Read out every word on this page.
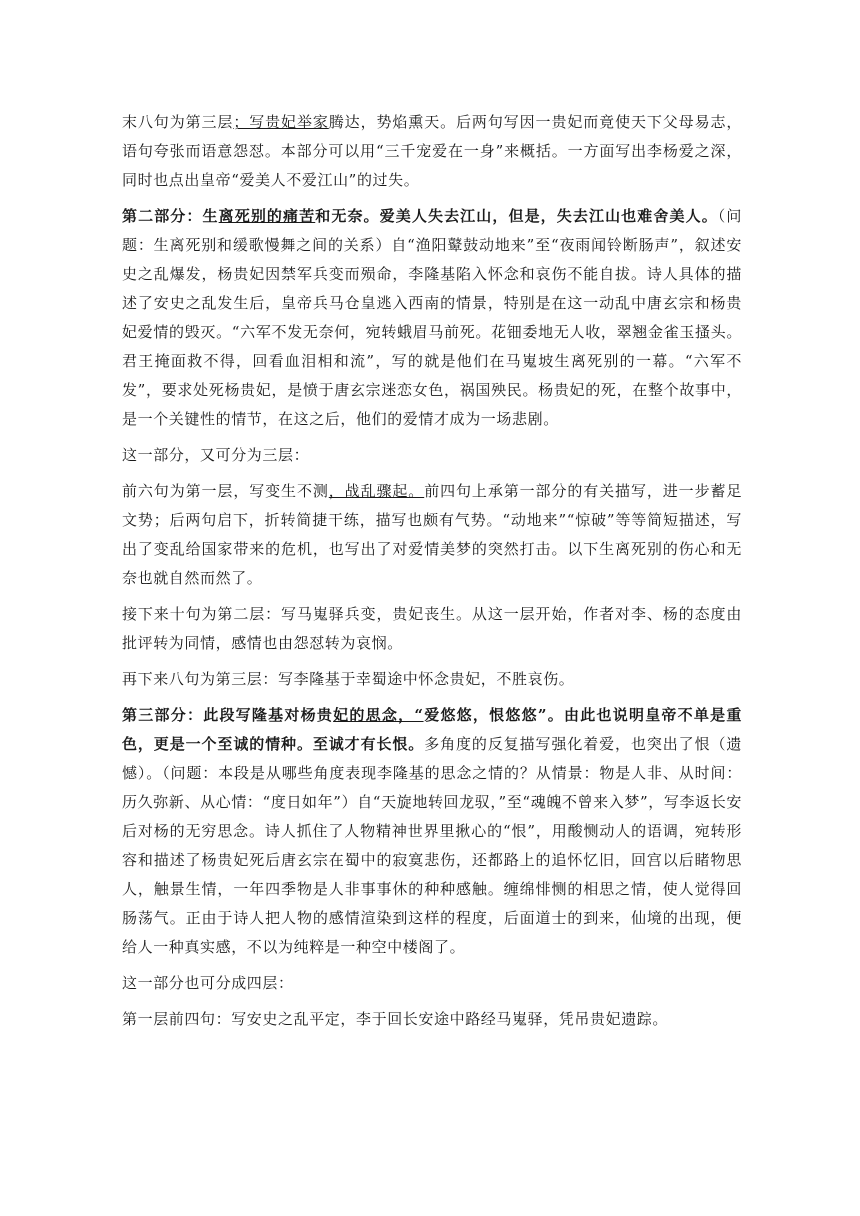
末八句为第三层；写贵妃举家腾达，势焰熏天。后两句写因一贵妃而竟使天下父母易志，语句夸张而语意怨怼。本部分可以用“三千宠爱在一身”来概括。一方面写出李杨爱之深，同时也点出皇帝“爱美人不爱江山”的过失。

第二部分：生离死别的痛苦和无奈。爱美人失去江山，但是，失去江山也难舍美人。（问题：生离死别和缓歌慢舞之间的关系）自“渔阳鼙鼓动地来”至“夜雨闻铃断肠声”，叙述安史之乱爆发，杨贵妃因禁军兵变而殒命，李隆基陷入怀念和哀伤不能自拔。诗人具体的描述了安史之乱发生后，皇帝兵马仓皇逃入西南的情景，特别是在这一动乱中唐玄宗和杨贵妃爱情的毁灭。“六军不发无奈何，宛转蛾眉马前死。花钿委地无人收，翠翘金雀玉搔头。君王掩面救不得，回看血泪相和流”，写的就是他们在马嵬坡生离死别的一幕。“六军不发”，要求处死杨贵妃，是愤于唐玄宗迷恋女色，祸国殃民。杨贵妃的死，在整个故事中，是一个关键性的情节，在这之后，他们的爱情才成为一场悲剧。

这一部分，又可分为三层：

前六句为第一层，写变生不测，战乱骤起。前四句上承第一部分的有关描写，进一步蓄足文势；后两句启下，折转简捷干练，描写也颇有气势。“动地来”“惊破”等等简短描述，写出了变乱给国家带来的危机，也写出了对爱情美梦的突然打击。以下生离死别的伤心和无奈也就自然而然了。

接下来十句为第二层：写马嵬驿兵变，贵妃丧生。从这一层开始，作者对李、杨的态度由批评转为同情，感情也由怨怼转为哀悯。

再下来八句为第三层：写李隆基于幸蜀途中怀念贵妃，不胜哀伤。

第三部分：此段写隆基对杨贵妃的思念，“爱悠悠，恨悠悠”。由此也说明皇帝不单是重色，更是一个至诚的情种。至诚才有长恨。多角度的反复描写强化着爱，也突出了恨（遗憾）。（问题：本段是从哪些角度表现李隆基的思念之情的？从情景：物是人非、从时间：历久弥新、从心情：“度日如年”）自“天旋地转回龙驭，”至“魂魄不曾来入梦”，写李返长安后对杨的无穷思念。诗人抓住了人物精神世界里揪心的“恨”，用酸恻动人的语调，宛转形容和描述了杨贵妃死后唐玄宗在蜀中的寂寞悲伤，还都路上的追怀忆旧，回宫以后睹物思人，触景生情，一年四季物是人非事事休的种种感触。缠绵悱恻的相思之情，使人觉得回肠荡气。正由于诗人把人物的感情渲染到这样的程度，后面道士的到来，仙境的出现，便给人一种真实感，不以为纯粹是一种空中楼阁了。

这一部分也可分成四层：

第一层前四句：写安史之乱平定，李于回长安途中路经马嵬驿，凭吊贵妃遗踪。
